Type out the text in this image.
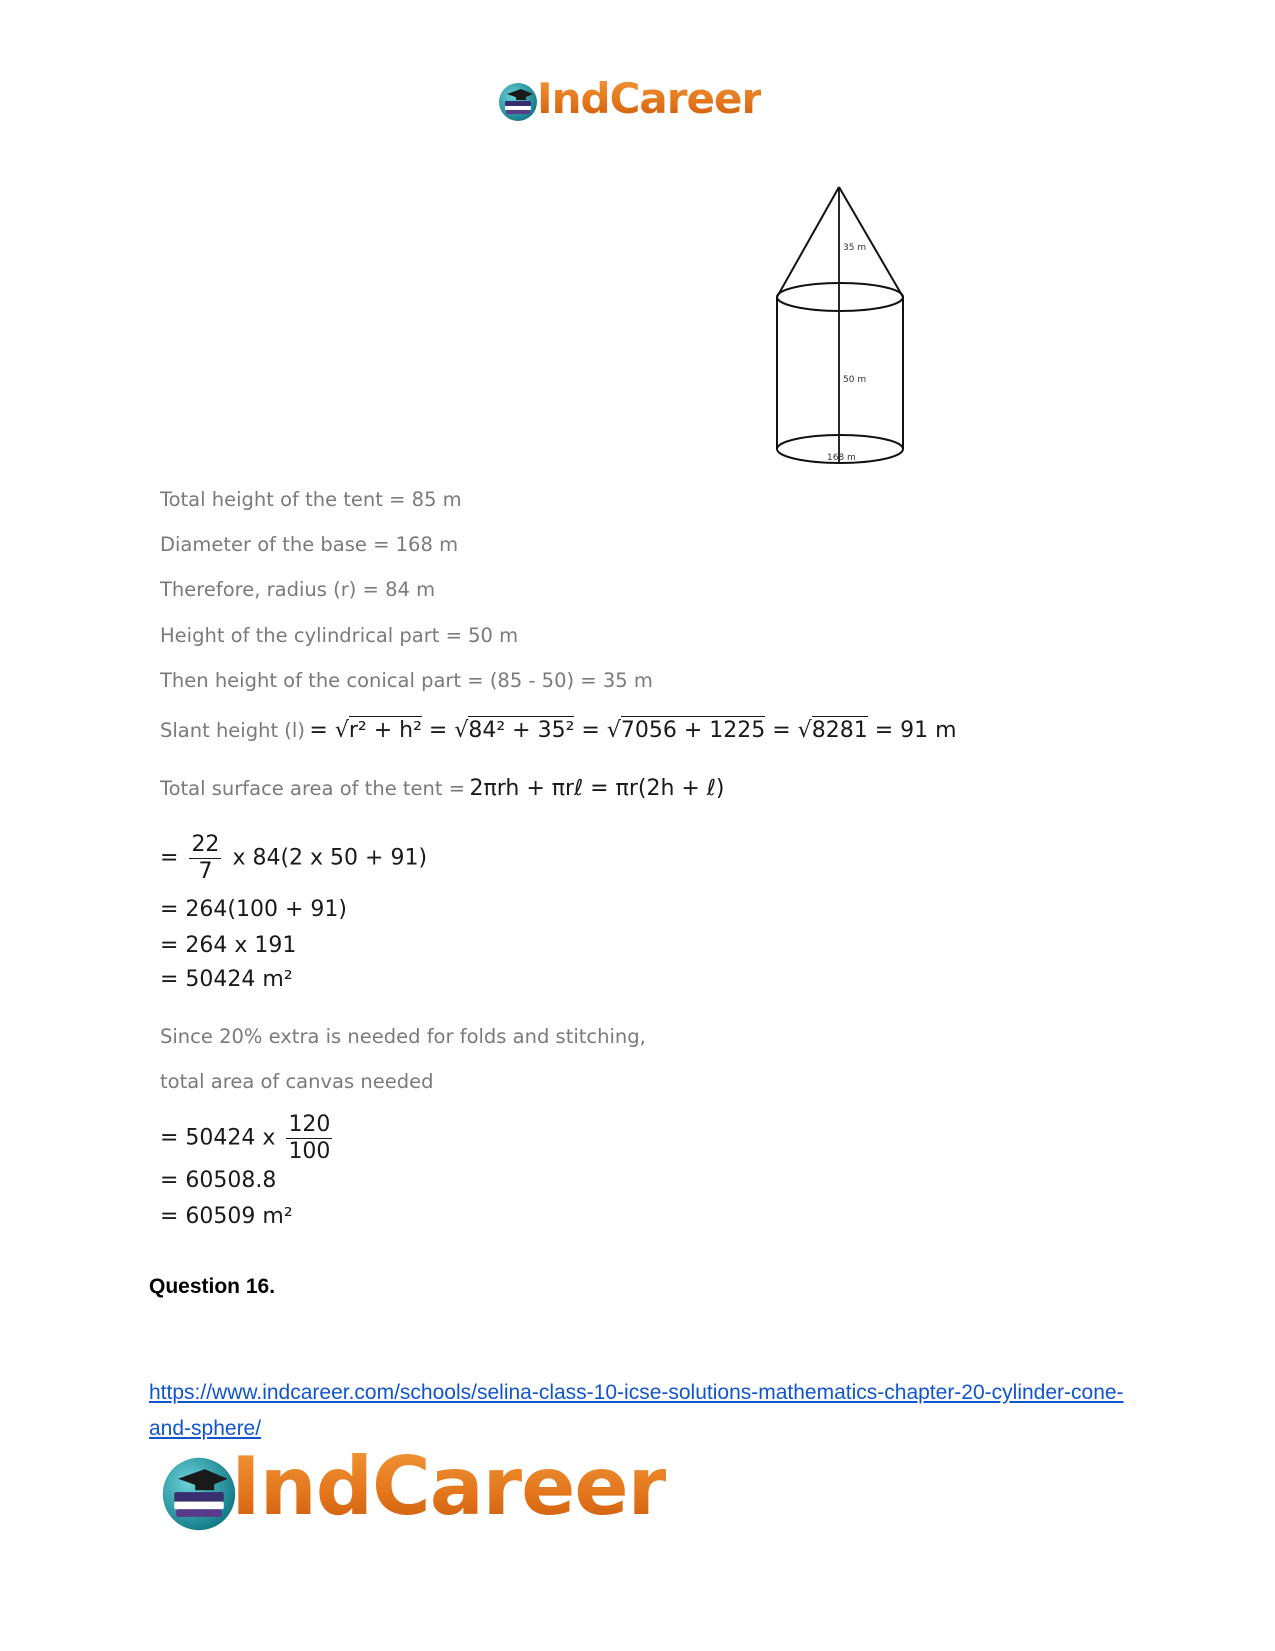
IndCareer
35 m
50 m
168 m
Total height of the tent = 85 m
Diameter of the base = 168 m
Therefore, radius (r) = 84 m
Height of the cylindrical part = 50 m
Then height of the conical part = (85 - 50) = 35 m
Slant height (l) = √r² + h² = √84² + 35² = √7056 + 1225 = √8281 = 91 m
Total surface area of the tent = 2πrh + πrℓ = πr(2h + ℓ)
= $\frac{22}{7}$ x 84(2 x 50 + 91)
= 264(100 + 91)
= 264 x 191
= 50424 m²
Since 20% extra is needed for folds and stitching,
total area of canvas needed
= 50424 x $\frac{120}{100}$
= 60508.8
= 60509 m²
Question 16.
https://www.indcareer.com/schools/selina-class-10-icse-solutions-mathematics-chapter-20-cylinder-cone-and-sphere/
IndCareer
